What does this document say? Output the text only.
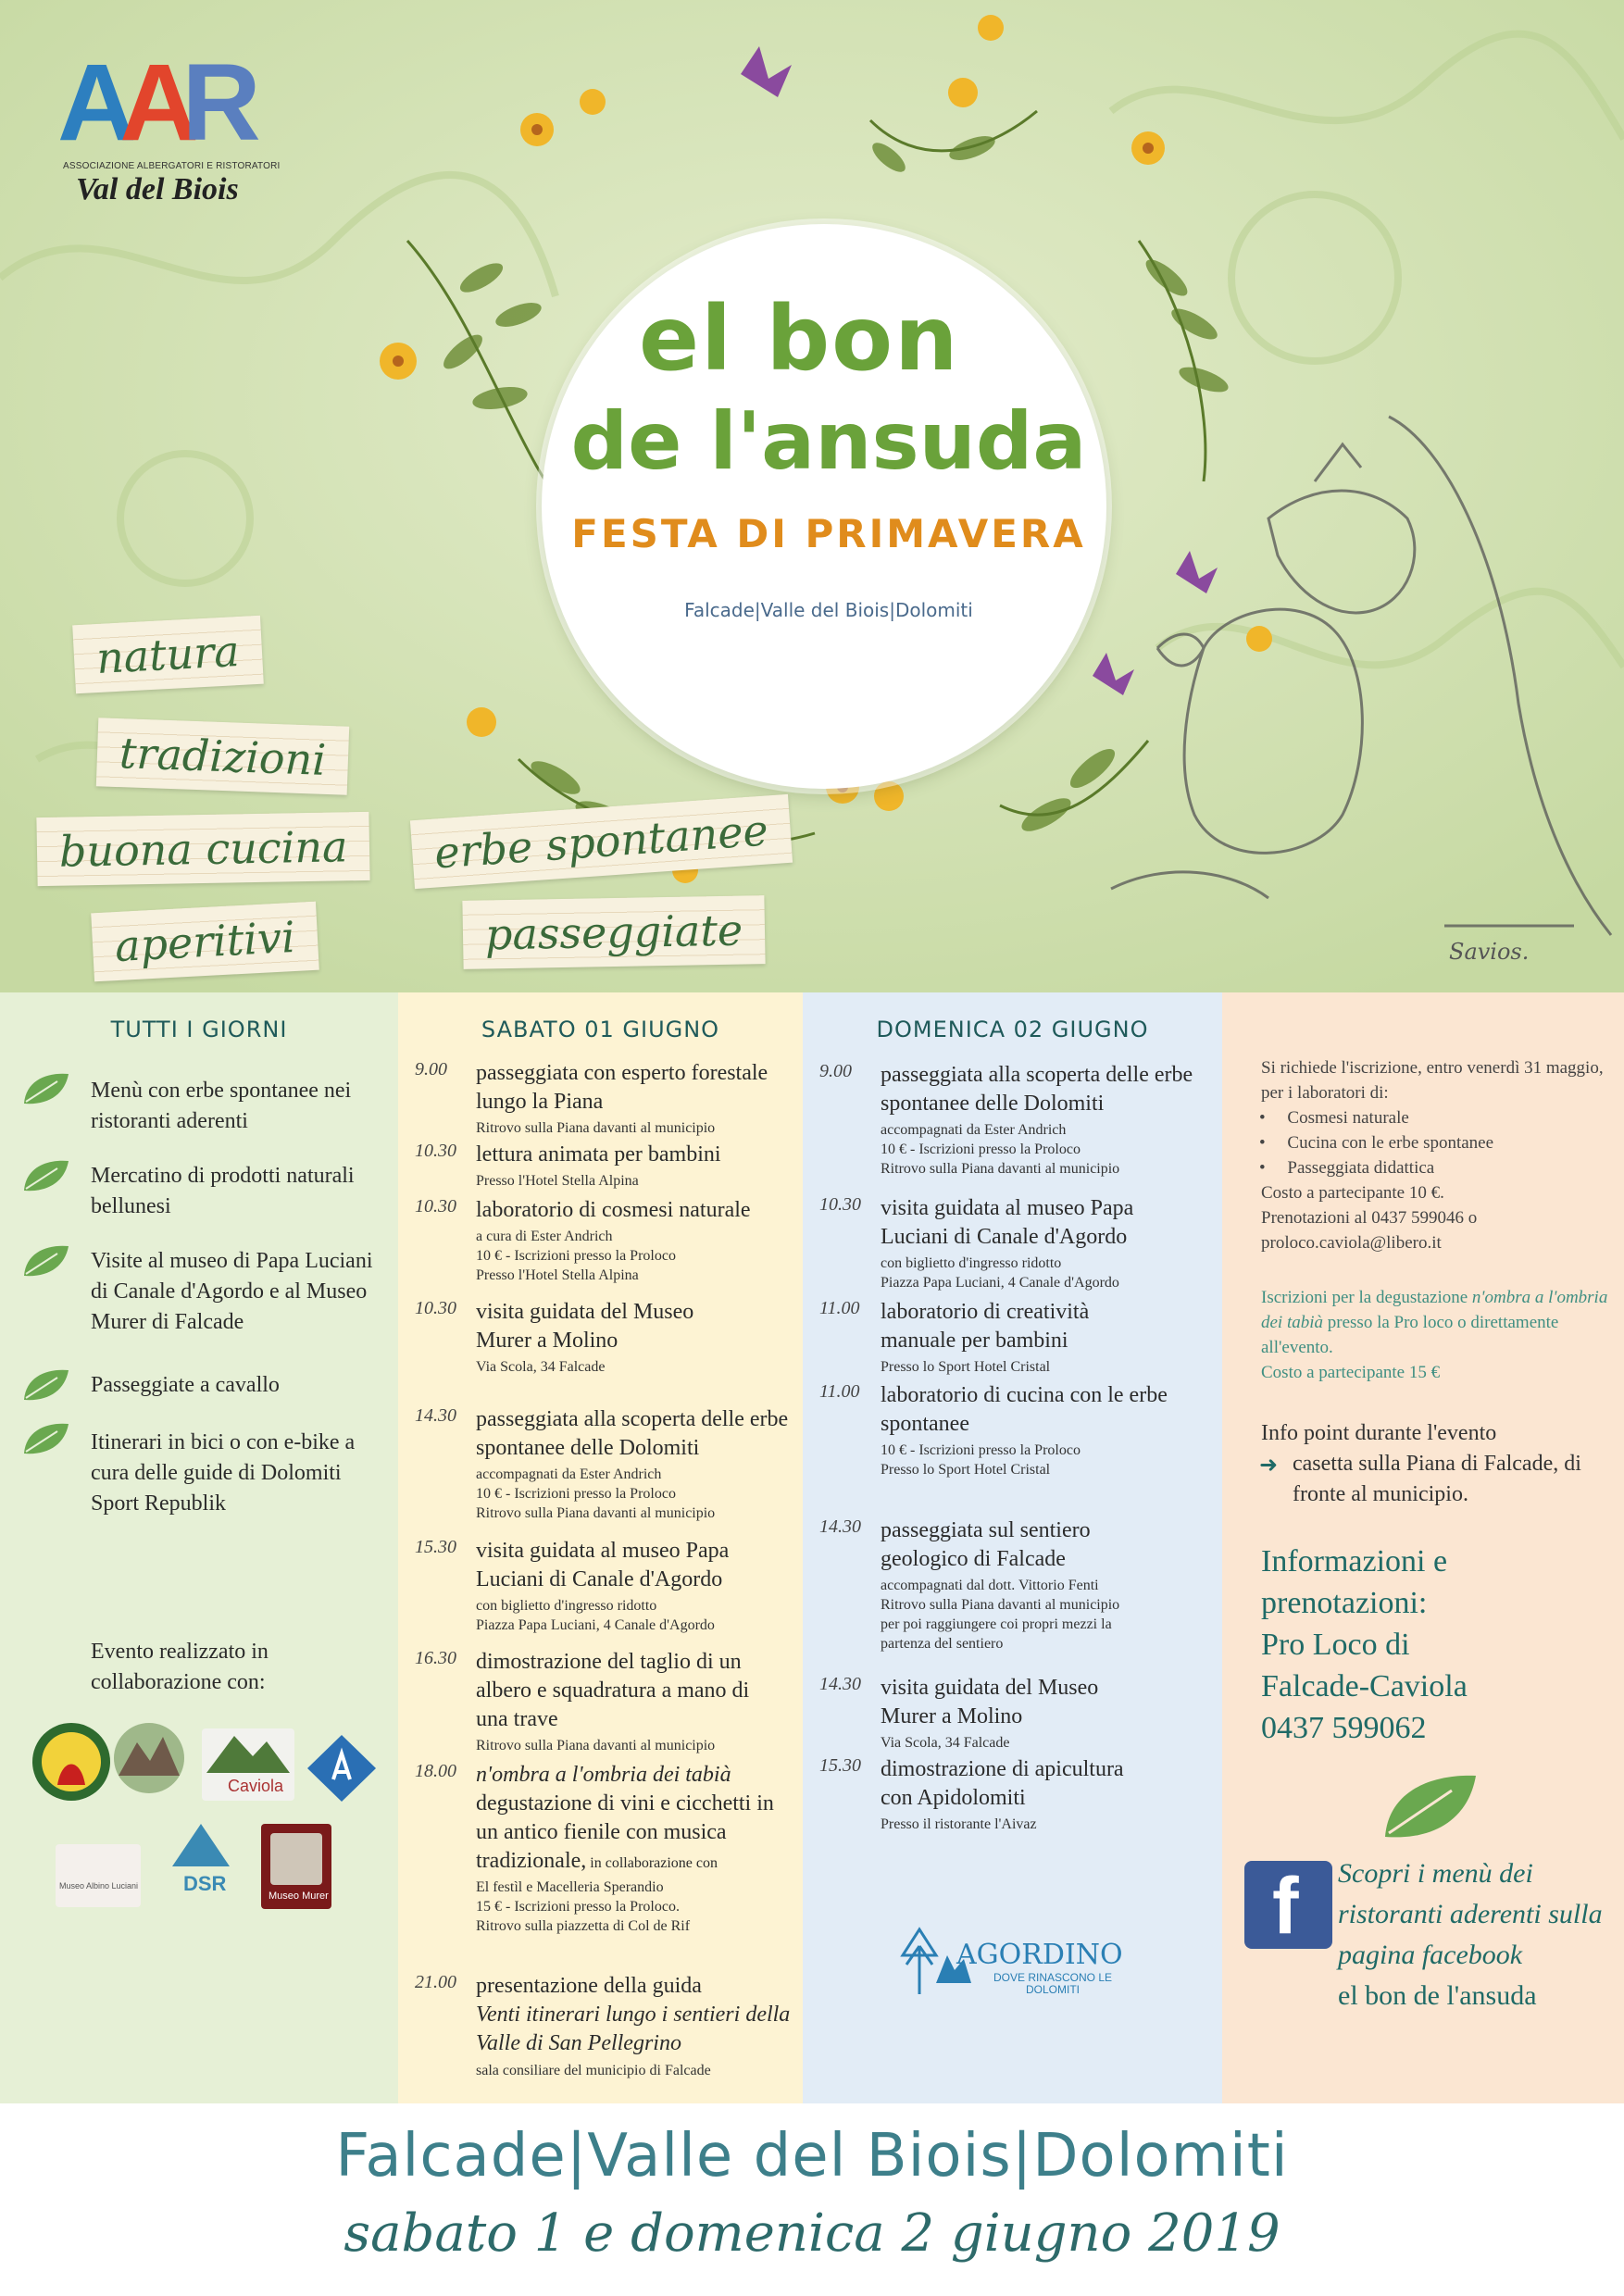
AAR
ASSOCIAZIONE ALBERGATORI E RISTORATORI
Val del Biois
el bon
de l'ansuda
FESTA DI PRIMAVERA
Falcade|Valle del Biois|Dolomiti
natura
tradizioni
buona cucina
aperitivi
erbe spontanee
passeggiate	Savios.
TUTTI I GIORNI
Menù con erbe spontanee nei ristoranti aderenti
Mercatino di prodotti naturali bellunesi
Visite al museo di Papa Luciani di Canale d'Agordo e al Museo Murer di Falcade
Passeggiate a cavallo
Itinerari in bici o con e-bike a cura delle guide di Dolomiti Sport Republik
Evento realizzato in collaborazione con:
Caviola
Museo Albino Luciani DSR
Museo Murer
SABATO 01 GIUGNO
9.00 passeggiata con esperto forestale lungo la Piana
Ritrovo sulla Piana davanti al municipio
10.30 lettura animata per bambini
Presso l'Hotel Stella Alpina
10.30 laboratorio di cosmesi naturale
a cura di Ester Andrich
10 € - Iscrizioni presso la Proloco
Presso l'Hotel Stella Alpina
10.30 visita guidata del Museo Murer a Molino
Via Scola, 34 Falcade
14.30 passeggiata alla scoperta delle erbe spontanee delle Dolomiti
accompagnati da Ester Andrich
10 € - Iscrizioni presso la Proloco
Ritrovo sulla Piana davanti al municipio
15.30 visita guidata al museo Papa Luciani di Canale d'Agordo
con biglietto d'ingresso ridotto
Piazza Papa Luciani, 4 Canale d'Agordo
16.30 dimostrazione del taglio di un albero e squadratura a mano di una trave
Ritrovo sulla Piana davanti al municipio
18.00 n'ombra a l'ombria dei tabià degustazione di vini e cicchetti in un antico fienile con musica tradizionale, in collaborazione con
El festìl e Macelleria Sperandio
15 € - Iscrizioni presso la Proloco.
Ritrovo sulla piazzetta di Col de Rif
21.00 presentazione della guida
Venti itinerari lungo i sentieri della Valle di San Pellegrino
sala consiliare del municipio di Falcade
DOMENICA 02 GIUGNO
9.00 passeggiata alla scoperta delle erbe spontanee delle Dolomiti
accompagnati da Ester Andrich
10 € - Iscrizioni presso la Proloco
Ritrovo sulla Piana davanti al municipio
10.30 visita guidata al museo Papa Luciani di Canale d'Agordo
con biglietto d'ingresso ridotto
Piazza Papa Luciani, 4 Canale d'Agordo
11.00 laboratorio di creatività manuale per bambini
Presso lo Sport Hotel Cristal
11.00 laboratorio di cucina con le erbe spontanee
10 € - Iscrizioni presso la Proloco
Presso lo Sport Hotel Cristal
14.30 passeggiata sul sentiero geologico di Falcade
accompagnati dal dott. Vittorio Fenti
Ritrovo sulla Piana davanti al municipio
per poi raggiungere coi propri mezzi la
partenza del sentiero
14.30 visita guidata del Museo Murer a Molino
Via Scola, 34 Falcade
15.30 dimostrazione di apicultura con Apidolomiti
Presso il ristorante l'Aivaz
AGORDINO
DOVE RINASCONO LE DOLOMITI
Si richiede l'iscrizione, entro venerdì 31 maggio, per i laboratori di:
•     Cosmesi naturale
•     Cucina con le erbe spontanee
•     Passeggiata didattica
Costo a partecipante 10 €.
Prenotazioni al 0437 599046 o
proloco.caviola@libero.it
Iscrizioni per la degustazione n'ombra a l'ombria dei tabià presso la Pro loco o direttamente all'evento.
Costo a partecipante 15 €
Info point durante l'evento
➜ casetta sulla Piana di Falcade, di fronte al municipio.
Informazioni e
prenotazioni:
Pro Loco di
Falcade-Caviola
0437 599062
f Scopri i menù dei ristoranti aderenti sulla pagina facebook
el bon de l'ansuda
Falcade|Valle del Biois|Dolomiti
sabato 1 e domenica 2 giugno 2019
